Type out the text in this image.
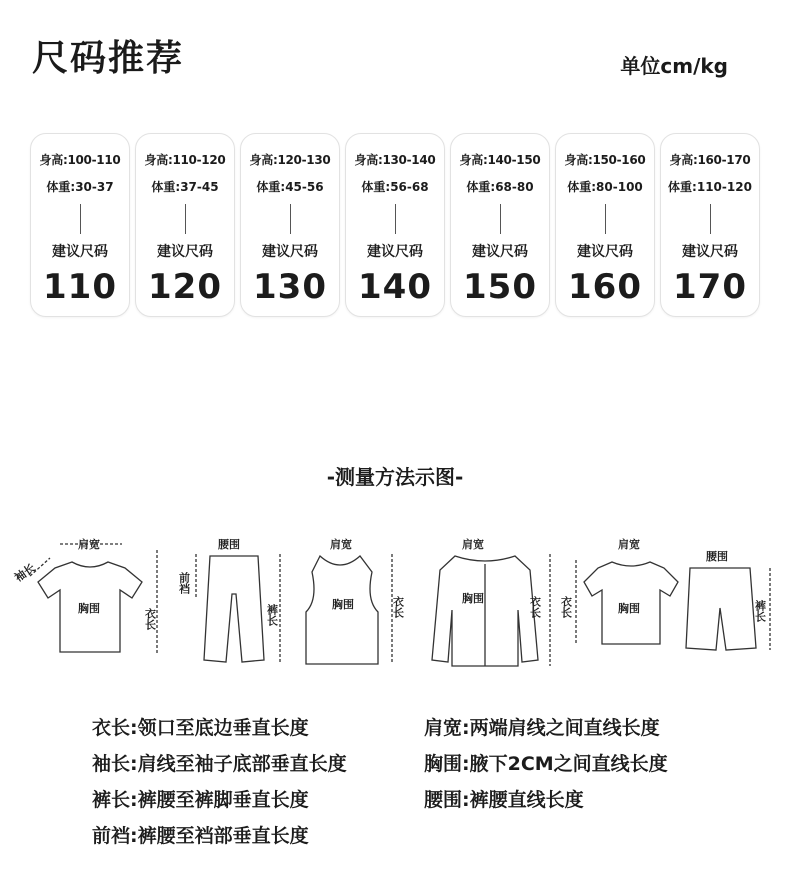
尺码推荐	单位cm/kg
身高:100-110
体重:30-37
建议尺码
110
身高:110-120
体重:37-45
建议尺码
120
身高:120-130
体重:45-56
建议尺码
130
身高:130-140
体重:56-68
建议尺码
140
身高:140-150
体重:68-80
建议尺码
150
身高:150-160
体重:80-100
建议尺码
160
身高:160-170
体重:110-120
建议尺码
170
-测量方法示图-
肩宽
袖长
胸围	衣长
腰围
前裆
裤长
肩宽
胸围	衣长
肩宽
胸围	衣长
肩宽
胸围
衣长
腰围
裤长
衣长:领口至底边垂直长度
袖长:肩线至袖子底部垂直长度
裤长:裤腰至裤脚垂直长度
前裆:裤腰至裆部垂直长度
肩宽:两端肩线之间直线长度
胸围:腋下2CM之间直线长度
腰围:裤腰直线长度
